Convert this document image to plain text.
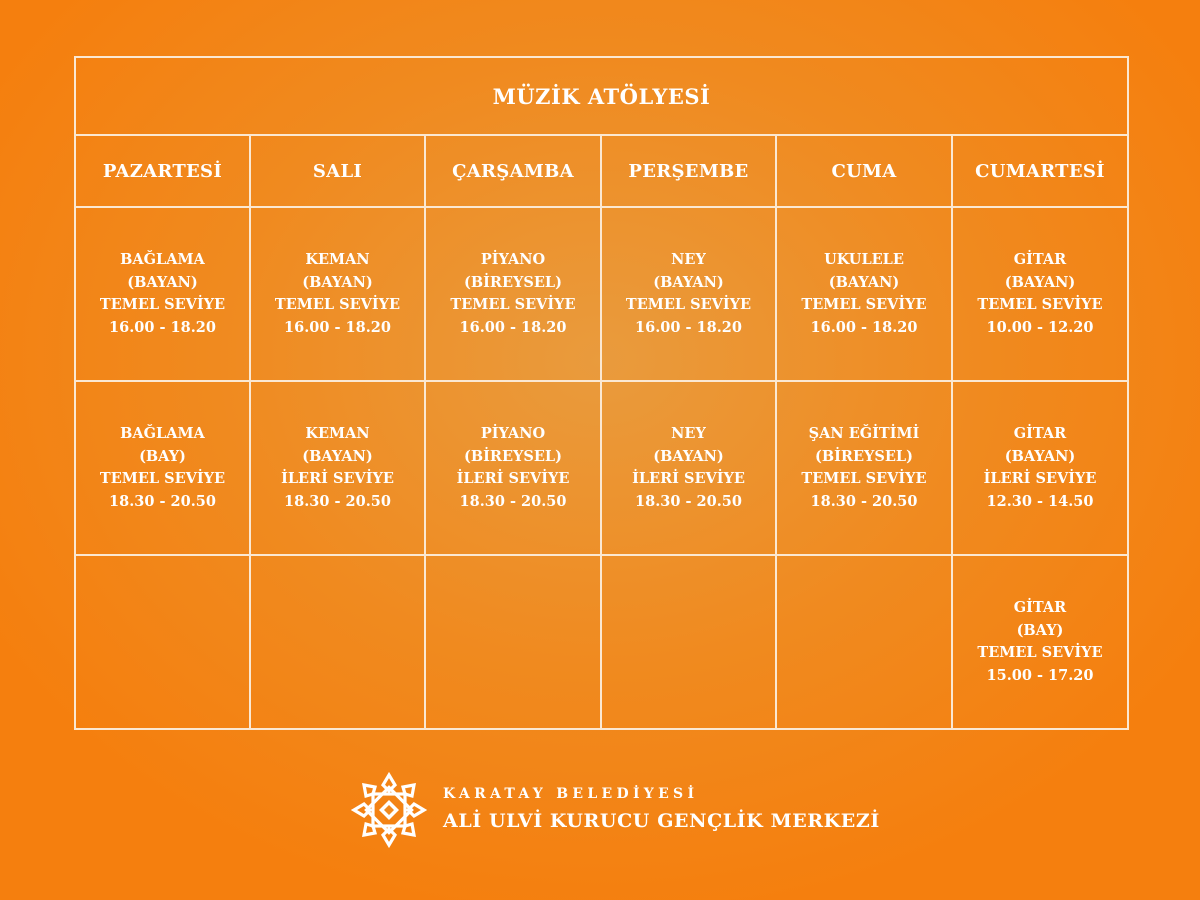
MÜZİK ATÖLYESİ					
PAZARTESİ	SALI	ÇARŞAMBA	PERŞEMBE	CUMA	CUMARTESİ

BAĞLAMA
(BAYAN)
TEMEL SEVİYE
16.00 - 18.20	KEMAN
(BAYAN)
TEMEL SEVİYE
16.00 - 18.20	PİYANO
(BİREYSEL)
TEMEL SEVİYE
16.00 - 18.20	NEY
(BAYAN)
TEMEL SEVİYE
16.00 - 18.20	UKULELE
(BAYAN)
TEMEL SEVİYE
16.00 - 18.20	GİTAR
(BAYAN)
TEMEL SEVİYE
10.00 - 12.20

BAĞLAMA
(BAY)
TEMEL SEVİYE
18.30 - 20.50	KEMAN
(BAYAN)
İLERİ SEVİYE
18.30 - 20.50	PİYANO
(BİREYSEL)
İLERİ SEVİYE
18.30 - 20.50	NEY
(BAYAN)
İLERİ SEVİYE
18.30 - 20.50	ŞAN EĞİTİMİ
(BİREYSEL)
TEMEL SEVİYE
18.30 - 20.50	GİTAR
(BAYAN)
İLERİ SEVİYE
12.30 - 14.50

					GİTAR
(BAY)
TEMEL SEVİYE
15.00 - 17.20
KARATAY BELEDİYESİ
ALİ ULVİ KURUCU GENÇLİK MERKEZİ
